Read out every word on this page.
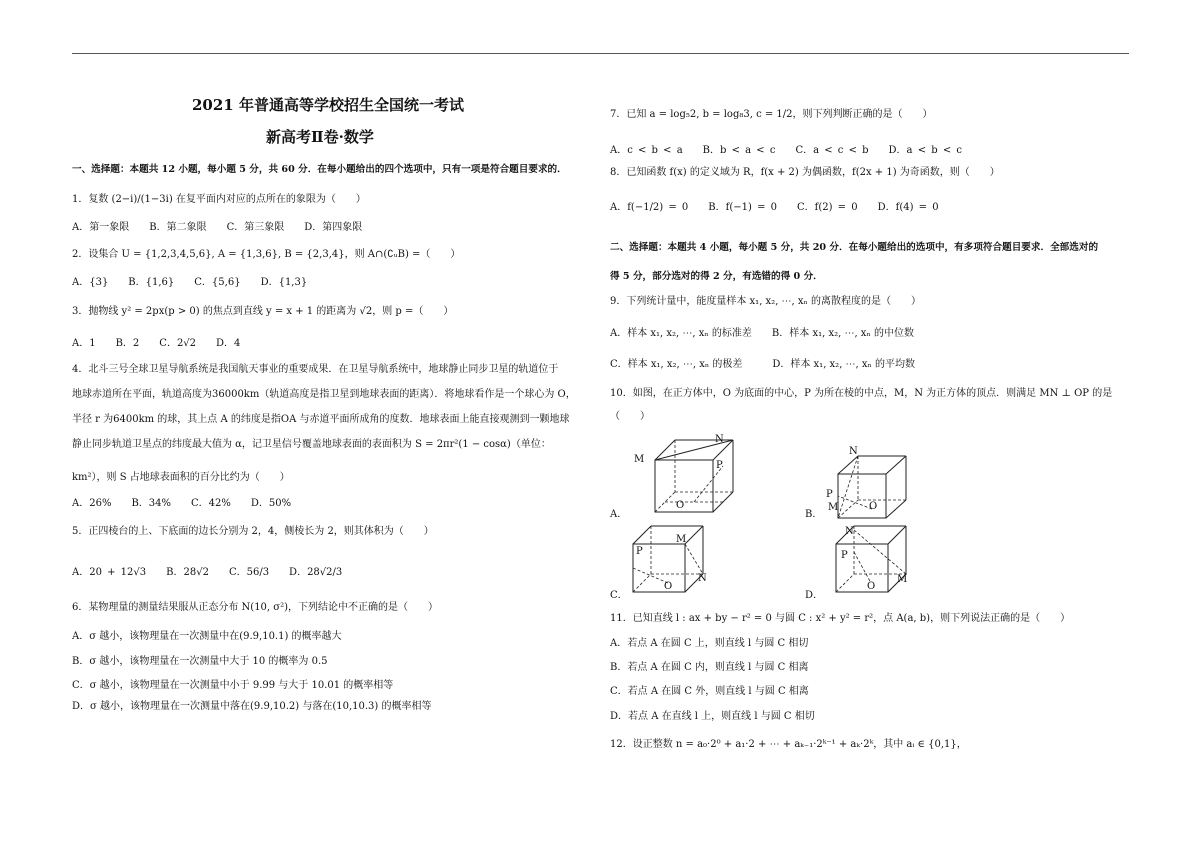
2021 年普通高等学校招生全国统一考试
新高考Ⅱ卷·数学
一、选择题：本题共 12 小题，每小题 5 分，共 60 分．在每小题给出的四个选项中，只有一项是符合题目要求的．
1．复数 (2−i)/(1−3i) 在复平面内对应的点所在的象限为（　　）
A．第一象限　　B．第二象限　　C．第三象限　　D．第四象限
2．设集合 U = {1,2,3,4,5,6}, A = {1,3,6}, B = {2,3,4}，则 A∩(∁ᵤB) =（　　）
A．{3}　　B．{1,6}　　C．{5,6}　　D．{1,3}
3．抛物线 y² = 2px(p > 0) 的焦点到直线 y = x + 1 的距离为 √2，则 p =（　　）
A．1　　B．2　　C．2√2　　D．4
4．北斗三号全球卫星导航系统是我国航天事业的重要成果．在卫星导航系统中，地球静止同步卫星的轨道位于
地球赤道所在平面，轨道高度为36000km（轨道高度是指卫星到地球表面的距离）．将地球看作是一个球心为 O，
半径 r 为6400km 的球，其上点 A 的纬度是指OA 与赤道平面所成角的度数．地球表面上能直接观测到一颗地球
静止同步轨道卫星点的纬度最大值为 α，记卫星信号覆盖地球表面的表面积为 S = 2πr²(1 − cosα)（单位：
km²），则 S 占地球表面积的百分比约为（　　）
A．26%　　B．34%　　C．42%　　D．50%
5．正四棱台的上、下底面的边长分别为 2，4，侧棱长为 2，则其体积为（　　）
A．20 + 12√3　　B．28√2　　C．56/3　　D．28√2/3
6．某物理量的测量结果服从正态分布 N(10, σ²)，下列结论中不正确的是（　　）
A．σ 越小，该物理量在一次测量中在(9.9,10.1) 的概率越大
B．σ 越小，该物理量在一次测量中大于 10 的概率为 0.5
C．σ 越小，该物理量在一次测量中小于 9.99 与大于 10.01 的概率相等
D．σ 越小，该物理量在一次测量中落在(9.9,10.2) 与落在(10,10.3) 的概率相等
7．已知 a = log₅2, b = log₈3, c = 1/2，则下列判断正确的是（　　）
A．c < b < a　　B．b < a < c　　C．a < c < b　　D．a < b < c
8．已知函数 f(x) 的定义域为 R，f(x + 2) 为偶函数，f(2x + 1) 为奇函数，则（　　）
A．f(−1/2) = 0　　B．f(−1) = 0　　C．f(2) = 0　　D．f(4) = 0
二、选择题：本题共 4 小题，每小题 5 分，共 20 分．在每小题给出的选项中，有多项符合题目要求．全部选对的
得 5 分，部分选对的得 2 分，有选错的得 0 分．
9．下列统计量中，能度量样本 x₁, x₂, ⋯, xₙ 的离散程度的是（　　）
A．样本 x₁, x₂, ⋯, xₙ 的标准差　　B．样本 x₁, x₂, ⋯, xₙ 的中位数
C．样本 x₁, x₂, ⋯, xₙ 的极差　　　D．样本 x₁, x₂, ⋯, xₙ 的平均数
10．如图，在正方体中，O 为底面的中心，P 为所在棱的中点，M，N 为正方体的顶点．则满足 MN ⊥ OP 的是
（　　）
A．
M
N
P
O
B．
N
P
M	O
C．
P
M
N
O
D．
N
P
M
O
11．已知直线 l : ax + by − r² = 0 与圆 C : x² + y² = r²，点 A(a, b)，则下列说法正确的是（　　）
A．若点 A 在圆 C 上，则直线 l 与圆 C 相切
B．若点 A 在圆 C 内，则直线 l 与圆 C 相离
C．若点 A 在圆 C 外，则直线 l 与圆 C 相离
D．若点 A 在直线 l 上，则直线 l 与圆 C 相切
12．设正整数 n = a₀·2⁰ + a₁·2 + ⋯ + aₖ₋₁·2ᵏ⁻¹ + aₖ·2ᵏ，其中 aᵢ ∈ {0,1}，
